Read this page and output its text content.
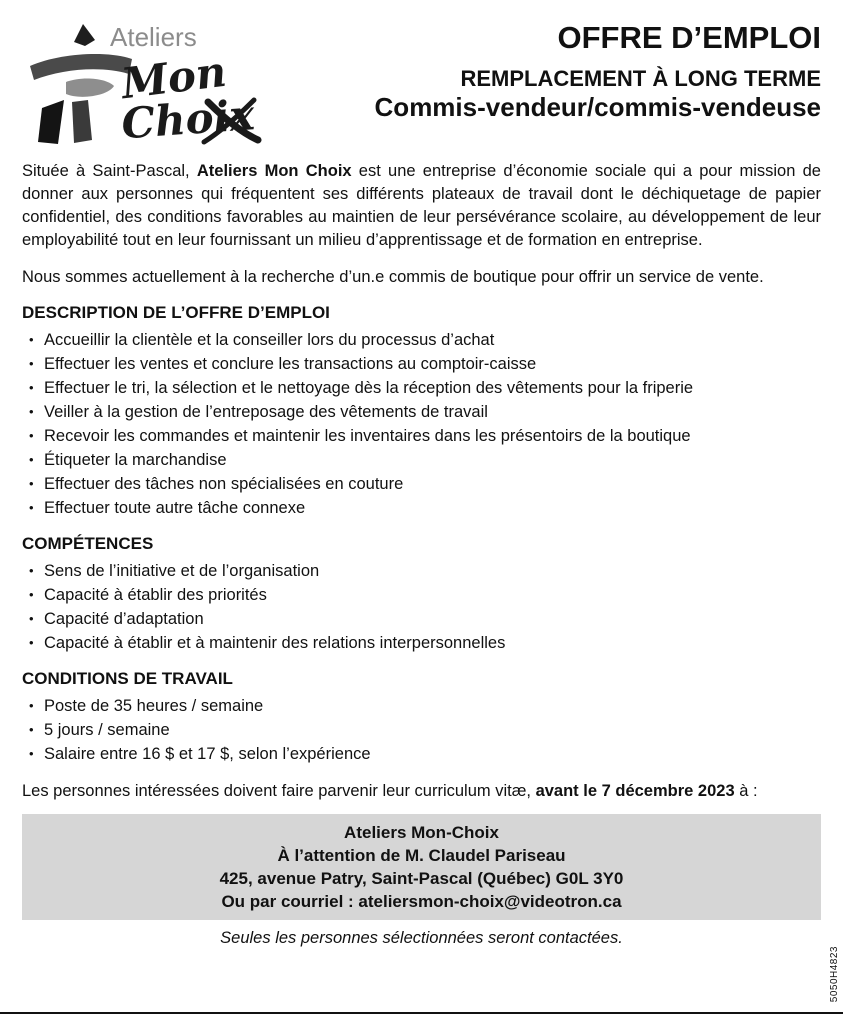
Ateliers
Mon
Choix
OFFRE D’EMPLOI
REMPLACEMENT À LONG TERME
Commis-vendeur/commis-vendeuse

Située à Saint-Pascal, Ateliers Mon Choix est une entreprise d’économie sociale qui a pour mission de donner aux personnes qui fréquentent ses différents plateaux de travail dont le déchiquetage de papier confidentiel, des conditions favorables au maintien de leur persévérance scolaire, au développement de leur employabilité tout en leur fournissant un milieu d’apprentissage et de formation en entreprise.

Nous sommes actuellement à la recherche d’un.e commis de boutique pour offrir un service de vente.

DESCRIPTION DE L’OFFRE D’EMPLOI
• Accueillir la clientèle et la conseiller lors du processus d’achat
• Effectuer les ventes et conclure les transactions au comptoir-caisse
• Effectuer le tri, la sélection et le nettoyage dès la réception des vêtements pour la friperie
• Veiller à la gestion de l’entreposage des vêtements de travail
• Recevoir les commandes et maintenir les inventaires dans les présentoirs de la boutique
• Étiqueter la marchandise
• Effectuer des tâches non spécialisées en couture
• Effectuer toute autre tâche connexe
COMPÉTENCES
• Sens de l’initiative et de l’organisation
• Capacité à établir des priorités
• Capacité d’adaptation
• Capacité à établir et à maintenir des relations interpersonnelles
CONDITIONS DE TRAVAIL
• Poste de 35 heures / semaine
• 5 jours / semaine
• Salaire entre 16 $ et 17 $, selon l’expérience

Les personnes intéressées doivent faire parvenir leur curriculum vitæ, avant le 7 décembre 2023 à :

Ateliers Mon-Choix
À l’attention de M. Claudel Pariseau
425, avenue Patry, Saint-Pascal (Québec) G0L 3Y0
Ou par courriel : ateliersmon-choix@videotron.ca
Seules les personnes sélectionnées seront contactées.
5050H4823
